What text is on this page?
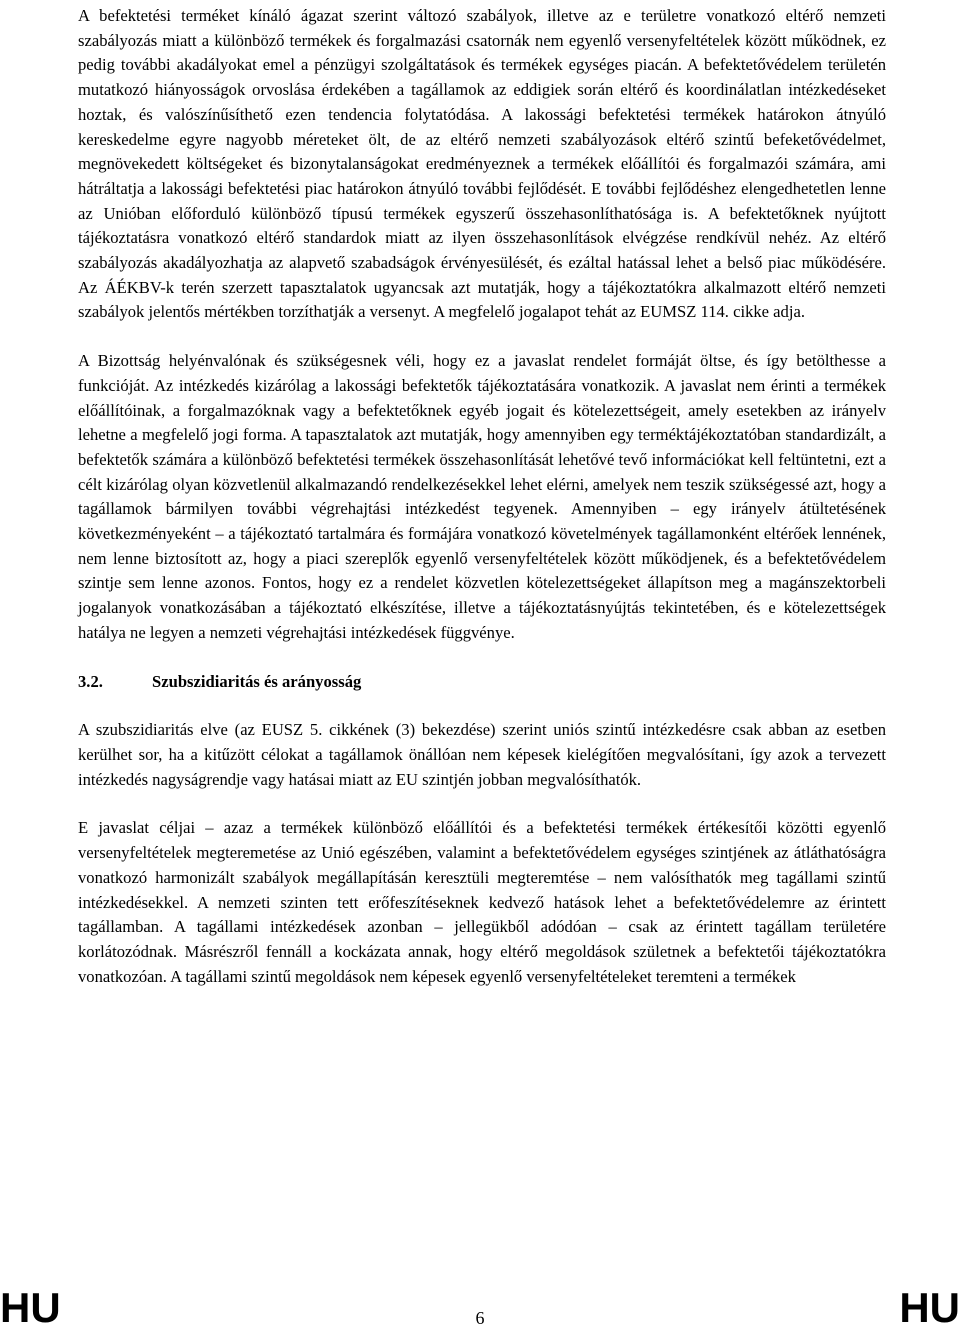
A befektetési terméket kínáló ágazat szerint változó szabályok, illetve az e területre vonatkozó eltérő nemzeti szabályozás miatt a különböző termékek és forgalmazási csatornák nem egyenlő versenyfeltételek között működnek, ez pedig további akadályokat emel a pénzügyi szolgáltatások és termékek egységes piacán. A befektetővédelem területén mutatkozó hiányosságok orvoslása érdekében a tagállamok az eddigiek során eltérő és koordinálatlan intézkedéseket hoztak, és valószínűsíthető ezen tendencia folytatódása. A lakossági befektetési termékek határokon átnyúló kereskedelme egyre nagyobb méreteket ölt, de az eltérő nemzeti szabályozások eltérő szintű befeketővédelmet, megnövekedett költségeket és bizonytalanságokat eredményeznek a termékek előállítói és forgalmazói számára, ami hátráltatja a lakossági befektetési piac határokon átnyúló további fejlődését. E további fejlődéshez elengedhetetlen lenne az Unióban előforduló különböző típusú termékek egyszerű összehasonlíthatósága is. A befektetőknek nyújtott tájékoztatásra vonatkozó eltérő standardok miatt az ilyen összehasonlítások elvégzése rendkívül nehéz. Az eltérő szabályozás akadályozhatja az alapvető szabadságok érvényesülését, és ezáltal hatással lehet a belső piac működésére. Az ÁÉKBV-k terén szerzett tapasztalatok ugyancsak azt mutatják, hogy a tájékoztatókra alkalmazott eltérő nemzeti szabályok jelentős mértékben torzíthatják a versenyt. A megfelelő jogalapot tehát az EUMSZ 114. cikke adja.

A Bizottság helyénvalónak és szükségesnek véli, hogy ez a javaslat rendelet formáját öltse, és így betölthesse a funkcióját. Az intézkedés kizárólag a lakossági befektetők tájékoztatására vonatkozik. A javaslat nem érinti a termékek előállítóinak, a forgalmazóknak vagy a befektetőknek egyéb jogait és kötelezettségeit, amely esetekben az irányelv lehetne a megfelelő jogi forma. A tapasztalatok azt mutatják, hogy amennyiben egy terméktájékoztatóban standardizált, a befektetők számára a különböző befektetési termékek összehasonlítását lehetővé tevő információkat kell feltüntetni, ezt a célt kizárólag olyan közvetlenül alkalmazandó rendelkezésekkel lehet elérni, amelyek nem teszik szükségessé azt, hogy a tagállamok bármilyen további végrehajtási intézkedést tegyenek. Amennyiben – egy irányelv átültetésének következményeként – a tájékoztató tartalmára és formájára vonatkozó követelmények tagállamonként eltérőek lennének, nem lenne biztosított az, hogy a piaci szereplők egyenlő versenyfeltételek között működjenek, és a befektetővédelem szintje sem lenne azonos. Fontos, hogy ez a rendelet közvetlen kötelezettségeket állapítson meg a magánszektorbeli jogalanyok vonatkozásában a tájékoztató elkészítése, illetve a tájékoztatásnyújtás tekintetében, és e kötelezettségek hatálya ne legyen a nemzeti végrehajtási intézkedések függvénye.

3.2.	Szubszidiaritás és arányosság

A szubszidiaritás elve (az EUSZ 5. cikkének (3) bekezdése) szerint uniós szintű intézkedésre csak abban az esetben kerülhet sor, ha a kitűzött célokat a tagállamok önállóan nem képesek kielégítően megvalósítani, így azok a tervezett intézkedés nagyságrendje vagy hatásai miatt az EU szintjén jobban megvalósíthatók.

E javaslat céljai – azaz a termékek különböző előállítói és a befektetési termékek értékesítői közötti egyenlő versenyfeltételek megteremetése az Unió egészében, valamint a befektetővédelem egységes szintjének az átláthatóságra vonatkozó harmonizált szabályok megállapításán keresztüli megteremtése – nem valósíthatók meg tagállami szintű intézkedésekkel. A nemzeti szinten tett erőfeszítéseknek kedvező hatások lehet a befektetővédelemre az érintett tagállamban. A tagállami intézkedések azonban – jellegükből adódóan – csak az érintett tagállam területére korlátozódnak. Másrészről fennáll a kockázata annak, hogy eltérő megoldások születnek a befektetői tájékoztatókra vonatkozóan. A tagállami szintű megoldások nem képesek egyenlő versenyfeltételeket teremteni a termékek

HU	6	HU
